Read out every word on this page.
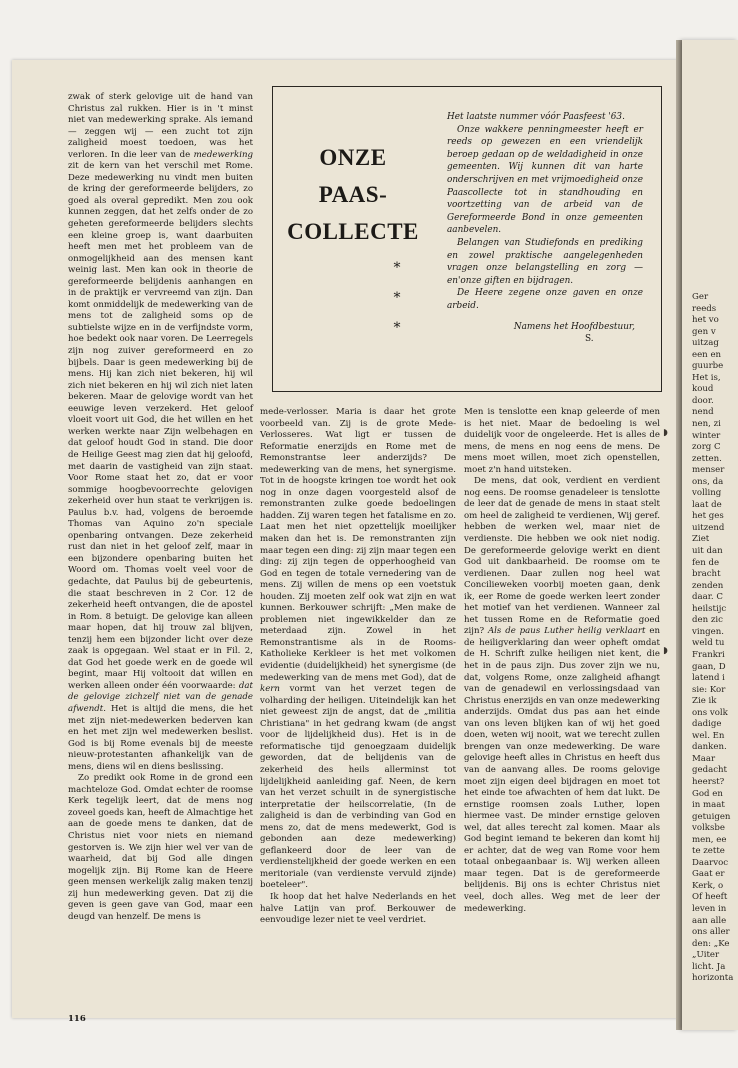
Ger
reeds
het vo
gen v
uitzag
een en
guurbe
Het is,
koud
door.
nend
nen, zi
winter
zorg C
zetten.
menser
ons, da
volling
laat de
het ges
uitzend
Ziet
uit dan
fen de
bracht
zenden
daar. C
heilstijc
den zic
vingen.
weld tu
Frankri
gaan, D
latend i
sie: Kor
Zie ik
ons volk
dadige
wel. En
danken.
Maar
gedacht
heerst?
God en
in maat
getuigen
volksbe
men, ee
te zette
Daarvoc
Gaat er
Kerk, o
Of heeft
leven in
aan alle
ons aller
den: „Ke
„Uiter
licht. Ja
horizonta

zwak of sterk gelovige uit de hand van Christus zal rukken. Hier is in 't minst niet van medewerking sprake. Als iemand — zeggen wij — een zucht tot zijn zaligheid moest toedoen, was het verloren. In die leer van de medewerking zit de kern van het verschil met Rome. Deze medewerking nu vindt men buiten de kring der gereformeerde belijders, zo goed als overal gepredikt. Men zou ook kunnen zeggen, dat het zelfs onder de zo geheten gereformeerde belijders slechts een kleine groep is, want daarbuiten heeft men met het probleem van de onmogelijkheid aan des mensen kant weinig last. Men kan ook in theorie de gereformeerde belijdenis aanhangen en in de praktijk er vervreemd van zijn. Dan komt onmiddelijk de medewerking van de mens tot de zaligheid soms op de subtielste wijze en in de verfijndste vorm, hoe bedekt ook naar voren. De Leerregels zijn nog zuiver gereformeerd en zo bijbels. Daar is geen medewerking bij de mens. Hij kan zich niet bekeren, hij wil zich niet bekeren en hij wil zich niet laten bekeren. Maar de gelovige wordt van het eeuwige leven verzekerd. Het geloof vloeit voort uit God, die het willen en het werken werkte naar Zijn welbehagen en dat geloof houdt God in stand. Die door de Heilige Geest mag zien dat hij geloofd, met daarin de vastigheid van zijn staat. Voor Rome staat het zo, dat er voor sommige hoogbevoorrechte gelovigen zekerheid over hun staat te verkrijgen is. Paulus b.v. had, volgens de beroemde Thomas van Aquino zo'n speciale openbaring ontvangen. Deze zekerheid rust dan niet in het geloof zelf, maar in een bijzondere openbaring buiten het Woord om. Thomas voelt veel voor de gedachte, dat Paulus bij de gebeurtenis, die staat beschreven in 2 Cor. 12 de zekerheid heeft ontvangen, die de apostel in Rom. 8 betuigt. De gelovige kan alleen maar hopen, dat hij trouw zal blijven, tenzij hem een bijzonder licht over deze zaak is opgegaan. Wel staat er in Fil. 2, dat God het goede werk en de goede wil begint, maar Hij voltooit dat willen en werken alleen onder één voorwaarde: dat de gelovige zichzelf niet van de genade afwendt. Het is altijd die mens, die het met zijn niet-medewerken bederven kan en het met zijn wel medewerken beslist. God is bij Rome evenals bij de meeste nieuw-protestanten afhankelijk van de mens, diens wil en diens beslissing.

Zo predikt ook Rome in de grond een machteloze God. Omdat echter de roomse Kerk tegelijk leert, dat de mens nog zoveel goeds kan, heeft de Almachtige het aan de goede mens te danken, dat de Christus niet voor niets en niemand gestorven is. We zijn hier wel ver van de waarheid, dat bij God alle dingen mogelijk zijn. Bij Rome kan de Heere geen mensen werkelijk zalig maken tenzij zij hun medewerking geven. Dat zij die geven is geen gave van God, maar een deugd van henzelf. De mens is

ONZE
PAAS-
COLLECTE
*
*
*

Het laatste nummer vóór Paasfeest '63.

Onze wakkere penningmeester heeft er reeds op gewezen en een vriendelijk beroep gedaan op de weldadigheid in onze gemeenten. Wij kunnen dit van harte onderschrijven en met vrijmoedigheid onze Paascollecte tot in standhouding en voortzetting van de arbeid van de Gereformeerde Bond in onze gemeenten aanbevelen.

Belangen van Studiefonds en prediking en zowel praktische aangelegenheden vragen onze belangstelling en zorg — en'onze giften en bijdragen.

De Heere zegene onze gaven en onze arbeid.

Namens het Hoofdbestuur,

S.

mede-verlosser. Maria is daar het grote voorbeeld van. Zij is de grote Mede-Verlosseres. Wat ligt er tussen de Reformatie enerzijds en Rome met de Remonstrantse leer anderzijds? De medewerking van de mens, het synergisme. Tot in de hoogste kringen toe wordt het ook nog in onze dagen voorgesteld alsof de remonstranten zulke goede bedoelingen hadden. Zij waren tegen het fatalisme en zo. Laat men het niet opzettelijk moeilijker maken dan het is. De remonstranten zijn maar tegen een ding: zij zijn maar tegen een ding: zij zijn tegen de opperhoogheid van God en tegen de totale vernedering van de mens. Zij willen de mens op een voetstuk houden. Zij moeten zelf ook wat zijn en wat kunnen. Berkouwer schrijft: „Men make de problemen niet ingewikkelder dan ze meterdaad zijn. Zowel in het Remonstrantisme als in de Rooms-Katholieke Kerkleer is het met volkomen evidentie (duidelijkheid) het synergisme (de medewerking van de mens met God), dat de kern vormt van het verzet tegen de volharding der heiligen. Uiteindelijk kan het niet geweest zijn de angst, dat de „militia Christiana" in het gedrang kwam (de angst voor de lijdelijkheid dus). Het is in de reformatische tijd genoegzaam duidelijk geworden, dat de belijdenis van de zekerheid des heils allerminst tot lijdelijkheid aanleiding gaf. Neen, de kern van het verzet schuilt in de synergistische interpretatie der heilscorrelatie, (In de zaligheid is dan de verbinding van God en mens zo, dat de mens medewerkt, God is gebonden aan deze medewerking) geflankeerd door de leer van de verdienstelijkheid der goede werken en een meritoriale (van verdienste vervuld zijnde) boeteleer".

Ik hoop dat het halve Nederlands en het halve Latijn van prof. Berkouwer de eenvoudige lezer niet te veel verdriet.

Men is tenslotte een knap geleerde of men is het niet. Maar de bedoeling is wel duidelijk voor de ongeleerde. Het is alles de mens, de mens en nog eens de mens. De mens moet willen, moet zich openstellen, moet z'n hand uitsteken.

De mens, dat ook, verdient en verdient nog eens. De roomse genadeleer is tenslotte de leer dat de genade de mens in staat stelt om heel de zaligheid te verdienen, Wij geref. hebben de werken wel, maar niet de verdienste. Die hebben we ook niet nodig. De gereformeerde gelovige werkt en dient God uit dankbaarheid. De roomse om te verdienen. Daar zullen nog heel wat Concilieweken voorbij moeten gaan, denk ik, eer Rome de goede werken leert zonder het motief van het verdienen. Wanneer zal het tussen Rome en de Reformatie goed zijn? Als de paus Luther heilig verklaart en de heiligverklaring dan weer opheft omdat de H. Schrift zulke heiligen niet kent, die het in de paus zijn. Dus zover zijn we nu, dat, volgens Rome, onze zaligheid afhangt van de genadewil en verlossingsdaad van Christus enerzijds en van onze medewerking anderzijds. Omdat dus pas aan het einde van ons leven blijken kan of wij het goed doen, weten wij nooit, wat we terecht zullen brengen van onze medewerking. De ware gelovige heeft alles in Christus en heeft dus van de aanvang alles. De rooms gelovige moet zijn eigen deel bijdragen en moet tot het einde toe afwachten of hem dat lukt. De ernstige roomsen zoals Luther, lopen hiermee vast. De minder ernstige geloven wel, dat alles terecht zal komen. Maar als God begint iemand te bekeren dan komt hij er achter, dat de weg van Rome voor hem totaal onbegaanbaar is. Wij werken alleen maar tegen. Dat is de gereformeerde belijdenis. Bij ons is echter Christus niet veel, doch alles. Weg met de leer der medewerking.

116
◗
◗
